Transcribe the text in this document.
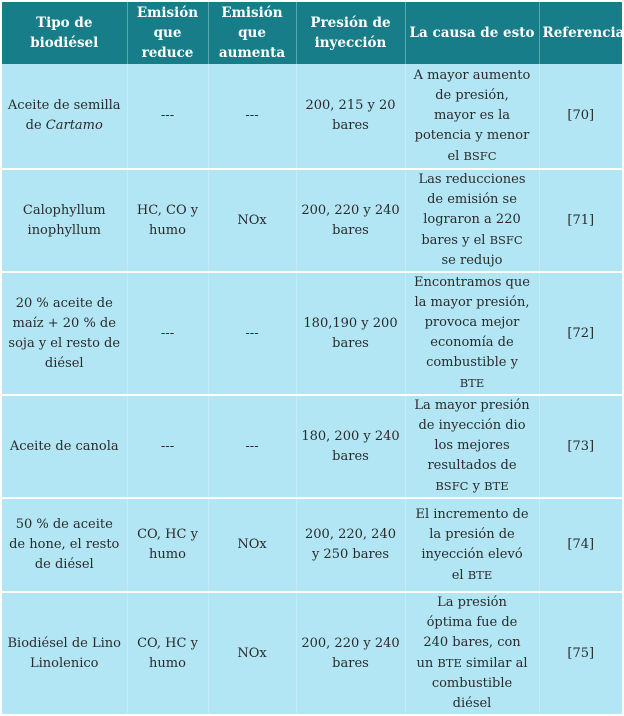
Tipo de biodiésel	Emisión que reduce	Emisión que aumenta	Presión de inyección	La causa de esto	Referencia
Aceite de semilla de Cartamo	---	---	200, 215 y 20 bares	A mayor aumento de presión, mayor es la potencia y menor el BSFC	[70]
Calophyllum inophyllum	HC, CO y humo	NOx	200, 220 y 240 bares	Las reducciones de emisión se lograron a 220 bares y el BSFC se redujo	[71]
20 % aceite de maíz + 20 % de soja y el resto de diésel	---	---	180,190 y 200 bares	Encontramos que la mayor presión, provoca mejor economía de combustible y BTE	[72]
Aceite de canola	---	---	180, 200 y 240 bares	La mayor presión de inyección dio los mejores resultados de BSFC y BTE	[73]
50 % de aceite de hone, el resto de diésel	CO, HC y humo	NOx	200, 220, 240 y 250 bares	El incremento de la presión de inyección elevó el BTE	[74]
Biodiésel de Lino Linolenico	CO, HC y humo	NOx	200, 220 y 240 bares	La presión óptima fue de 240 bares, con un BTE similar al combustible diésel	[75]
